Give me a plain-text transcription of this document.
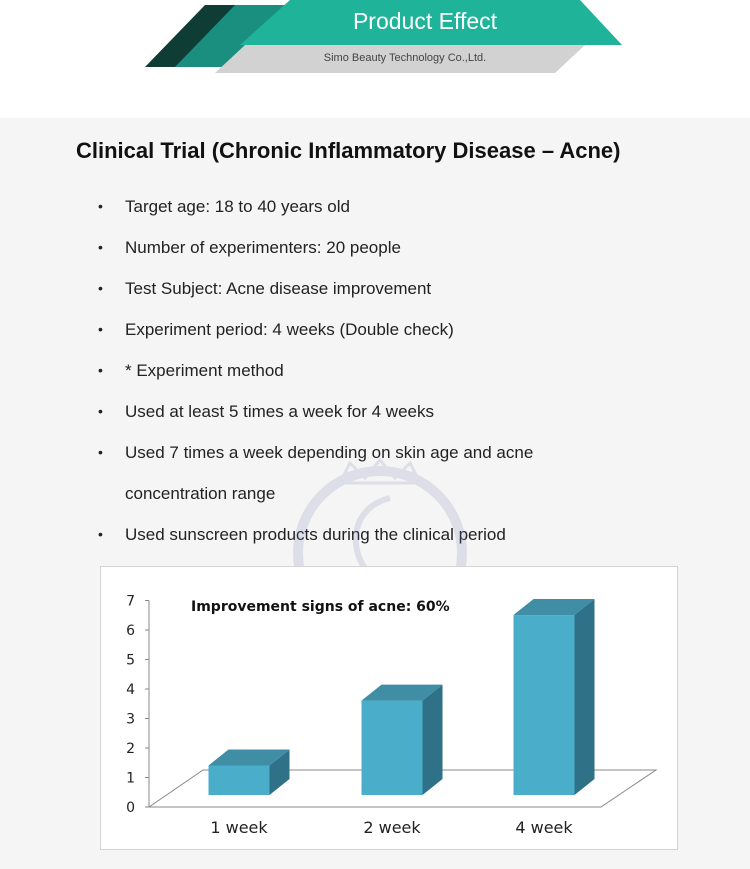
Product Effect
Simo Beauty Technology Co.,Ltd.
Clinical Trial (Chronic Inflammatory Disease – Acne)
• Target age: 18 to 40 years old
• Number of experimenters: 20 people
• Test Subject: Acne disease improvement
• Experiment period: 4 weeks (Double check)
• * Experiment method
• Used at least 5 times a week for 4 weeks
• Used 7 times a week depending on skin age and acne concentration range
• Used sunscreen products during the clinical period
Improvement signs of acne: 60%
0
1
2
3
4
5
6
7
1 week	2 week	4 week
